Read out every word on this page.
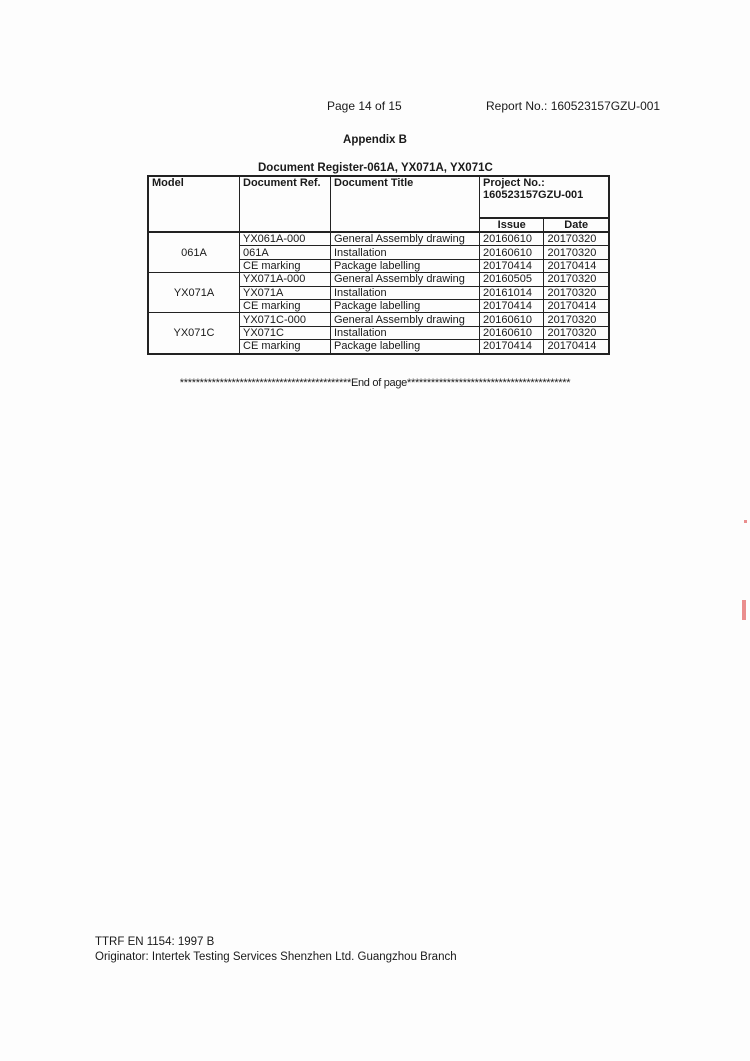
Page 14 of 15	Report No.: 160523157GZU-001
Appendix B
Document Register-061A, YX071A, YX071C
Model	Document Ref.	Document Title	Project No.: 160523157GZU-001	
			Issue	Date
061A	YX061A-000	General Assembly drawing	20160610	20170320
	061A	Installation	20160610	20170320
	CE marking	Package labelling	20170414	20170414
YX071A	YX071A-000	General Assembly drawing	20160505	20170320
	YX071A	Installation	20161014	20170320
	CE marking	Package labelling	20170414	20170414
YX071C	YX071C-000	General Assembly drawing	20160610	20170320
	YX071C	Installation	20160610	20170320
	CE marking	Package labelling	20170414	20170414
*******************************************End of page*****************************************
TTRF EN 1154: 1997 B
Originator: Intertek Testing Services Shenzhen Ltd. Guangzhou Branch
